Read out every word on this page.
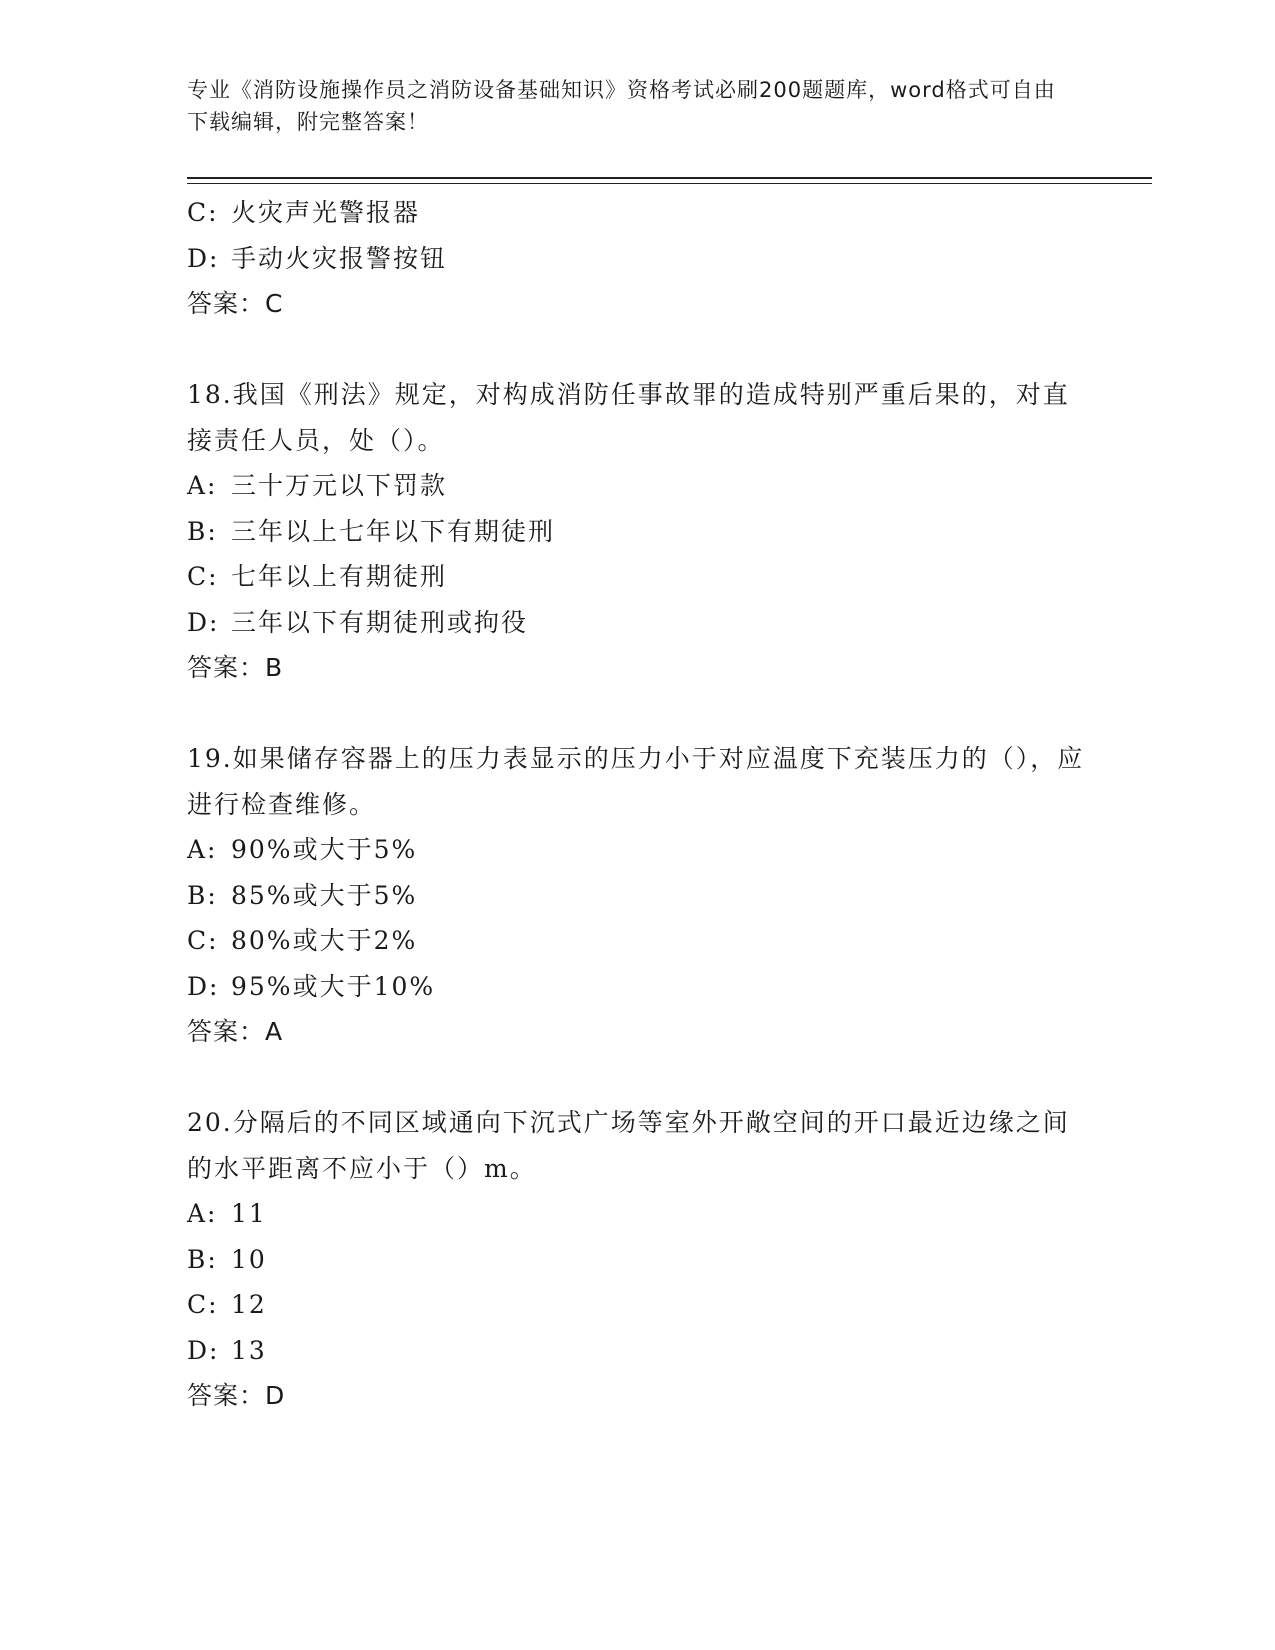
专业《消防设施操作员之消防设备基础知识》资格考试必刷200题题库，word格式可自由下载编辑，附完整答案！
C: 火灾声光警报器
D: 手动火灾报警按钮
答案：C
18.我国《刑法》规定，对构成消防任事故罪的造成特别严重后果的，对直接责任人员，处（）。
A: 三十万元以下罚款
B: 三年以上七年以下有期徒刑
C: 七年以上有期徒刑
D: 三年以下有期徒刑或拘役
答案：B
19.如果储存容器上的压力表显示的压力小于对应温度下充装压力的（），应进行检查维修。
A: 90%或大于5%
B: 85%或大于5%
C: 80%或大于2%
D: 95%或大于10%
答案：A
20.分隔后的不同区域通向下沉式广场等室外开敞空间的开口最近边缘之间的水平距离不应小于（）m。
A: 11
B: 10
C: 12
D: 13
答案：D
